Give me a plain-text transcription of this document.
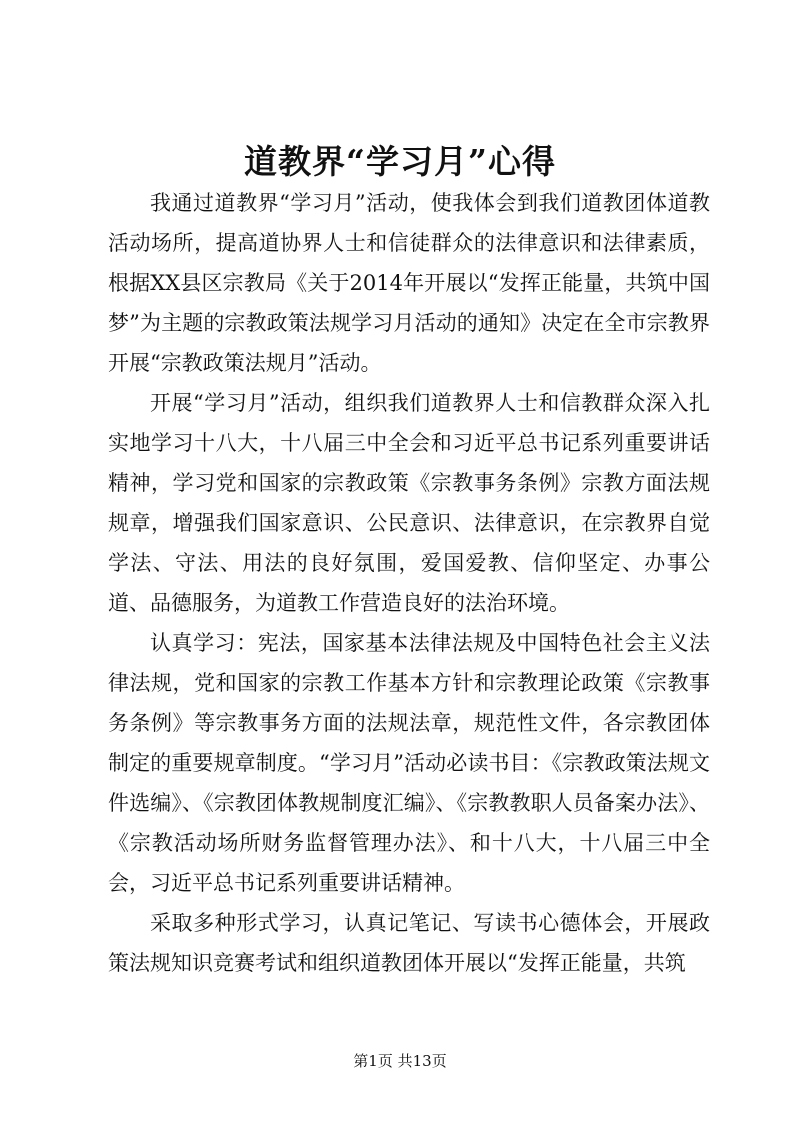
道教界“学习月”心得

我通过道教界“学习月”活动，使我体会到我们道教团体道教活动场所，提高道协界人士和信徒群众的法律意识和法律素质，根据XX县区宗教局《关于2014年开展以“发挥正能量，共筑中国梦”为主题的宗教政策法规学习月活动的通知》决定在全市宗教界开展“宗教政策法规月”活动。

开展“学习月”活动，组织我们道教界人士和信教群众深入扎实地学习十八大，十八届三中全会和习近平总书记系列重要讲话精神，学习党和国家的宗教政策《宗教事务条例》宗教方面法规规章，增强我们国家意识、公民意识、法律意识，在宗教界自觉学法、守法、用法的良好氛围，爱国爱教、信仰坚定、办事公道、品德服务，为道教工作营造良好的法治环境。

认真学习：宪法，国家基本法律法规及中国特色社会主义法律法规，党和国家的宗教工作基本方针和宗教理论政策《宗教事务条例》等宗教事务方面的法规法章，规范性文件，各宗教团体制定的重要规章制度。“学习月”活动必读书目：《宗教政策法规文件选编》、《宗教团体教规制度汇编》、《宗教教职人员备案办法》、《宗教活动场所财务监督管理办法》、和十八大，十八届三中全会，习近平总书记系列重要讲话精神。

采取多种形式学习，认真记笔记、写读书心德体会，开展政策法规知识竞赛考试和组织道教团体开展以“发挥正能量，共筑

第1页 共13页
